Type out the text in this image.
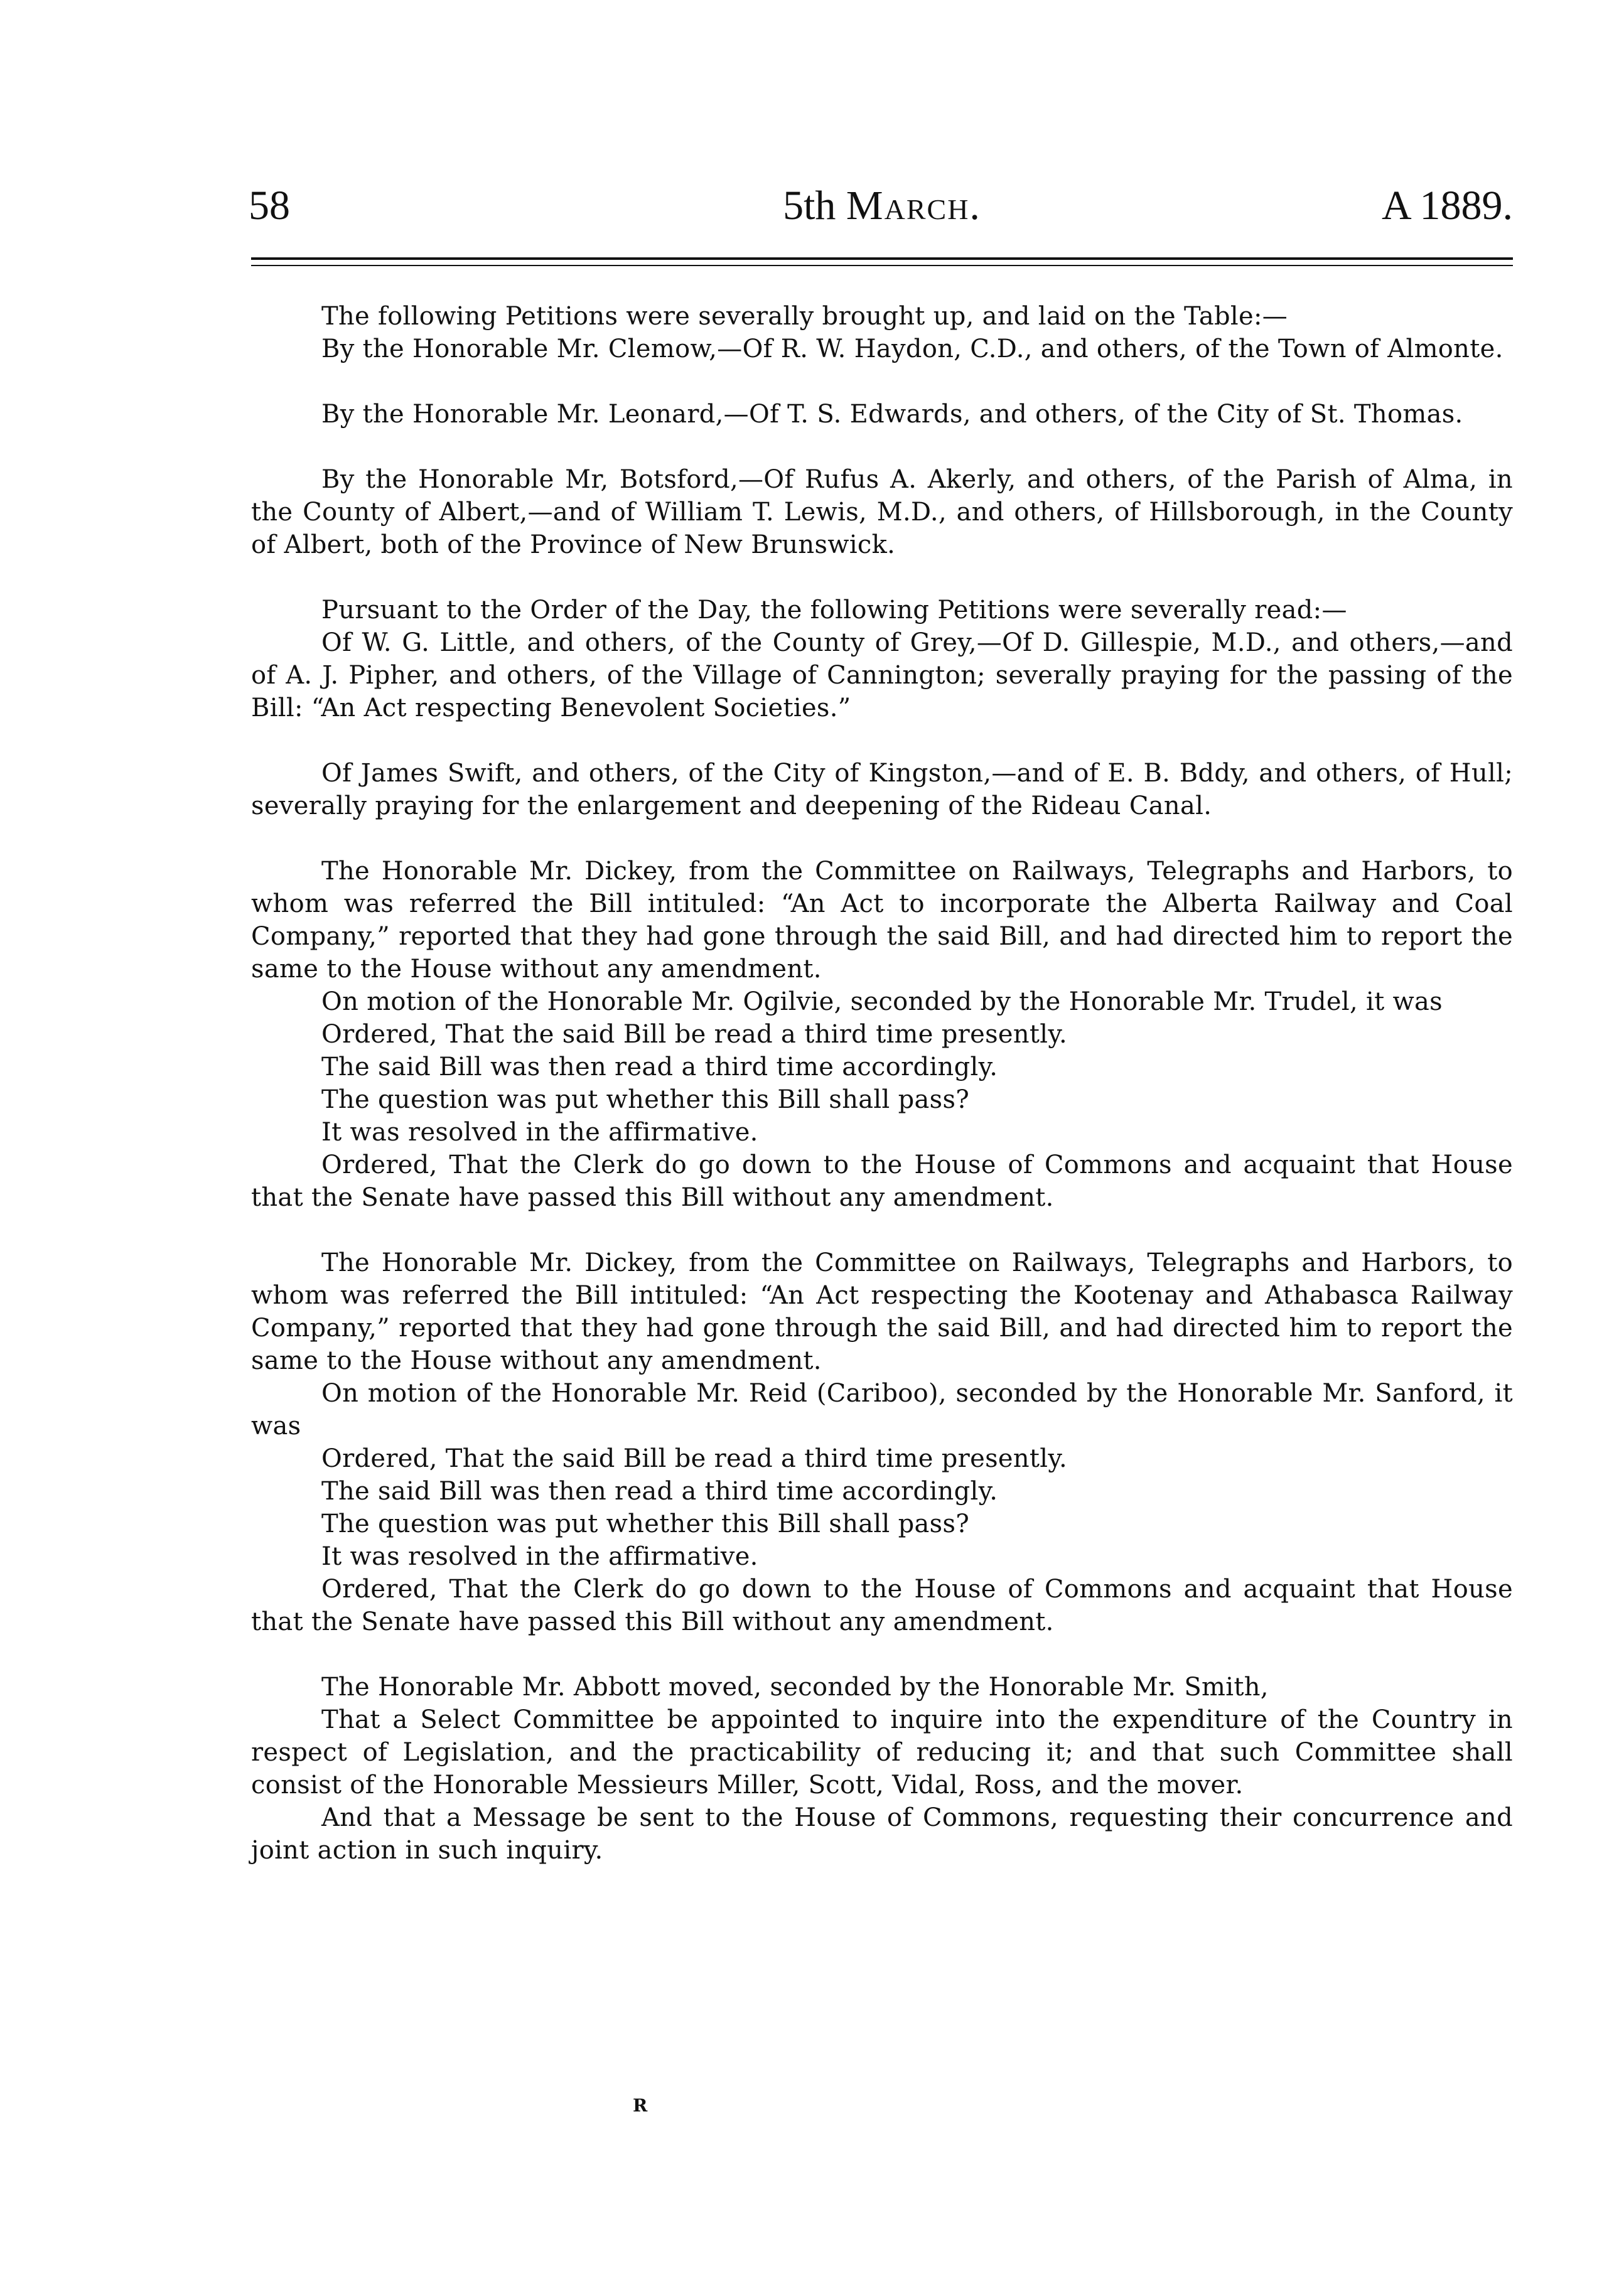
58	5th March.	A 1889.

The following Petitions were severally brought up, and laid on the Table:—

By the Honorable Mr. Clemow,—Of R. W. Haydon, C.D., and others, of the Town of Almonte.

By the Honorable Mr. Leonard,—Of T. S. Edwards, and others, of the City of St. Thomas.

By the Honorable Mr, Botsford,—Of Rufus A. Akerly, and others, of the Parish of Alma, in the County of Albert,—and of William T. Lewis, M.D., and others, of Hillsborough, in the County of Albert, both of the Province of New Brunswick.

Pursuant to the Order of the Day, the following Petitions were severally read:—

Of W. G. Little, and others, of the County of Grey,—Of D. Gillespie, M.D., and others,—and of A. J. Pipher, and others, of the Village of Cannington; severally praying for the passing of the Bill: “An Act respecting Benevolent Societies.”

Of James Swift, and others, of the City of Kingston,—and of E. B. Bddy, and others, of Hull; severally praying for the enlargement and deepening of the Rideau Canal.

The Honorable Mr. Dickey, from the Committee on Railways, Telegraphs and Harbors, to whom was referred the Bill intituled: “An Act to incorporate the Alberta Railway and Coal Company,” reported that they had gone through the said Bill, and had directed him to report the same to the House without any amendment.

On motion of the Honorable Mr. Ogilvie, seconded by the Honorable Mr. Trudel, it was

Ordered, That the said Bill be read a third time presently.

The said Bill was then read a third time accordingly.

The question was put whether this Bill shall pass?

It was resolved in the affirmative.

Ordered, That the Clerk do go down to the House of Commons and acquaint that House that the Senate have passed this Bill without any amendment.

The Honorable Mr. Dickey, from the Committee on Railways, Telegraphs and Harbors, to whom was referred the Bill intituled: “An Act respecting the Kootenay and Athabasca Railway Company,” reported that they had gone through the said Bill, and had directed him to report the same to the House without any amendment.

On motion of the Honorable Mr. Reid (Cariboo), seconded by the Honorable Mr. Sanford, it was

Ordered, That the said Bill be read a third time presently.

The said Bill was then read a third time accordingly.

The question was put whether this Bill shall pass?

It was resolved in the affirmative.

Ordered, That the Clerk do go down to the House of Commons and acquaint that House that the Senate have passed this Bill without any amendment.

The Honorable Mr. Abbott moved, seconded by the Honorable Mr. Smith,

That a Select Committee be appointed to inquire into the expenditure of the Country in respect of Legislation, and the practicability of reducing it; and that such Committee shall consist of the Honorable Messieurs Miller, Scott, Vidal, Ross, and the mover.

And that a Message be sent to the House of Commons, requesting their concurrence and joint action in such inquiry.

R
